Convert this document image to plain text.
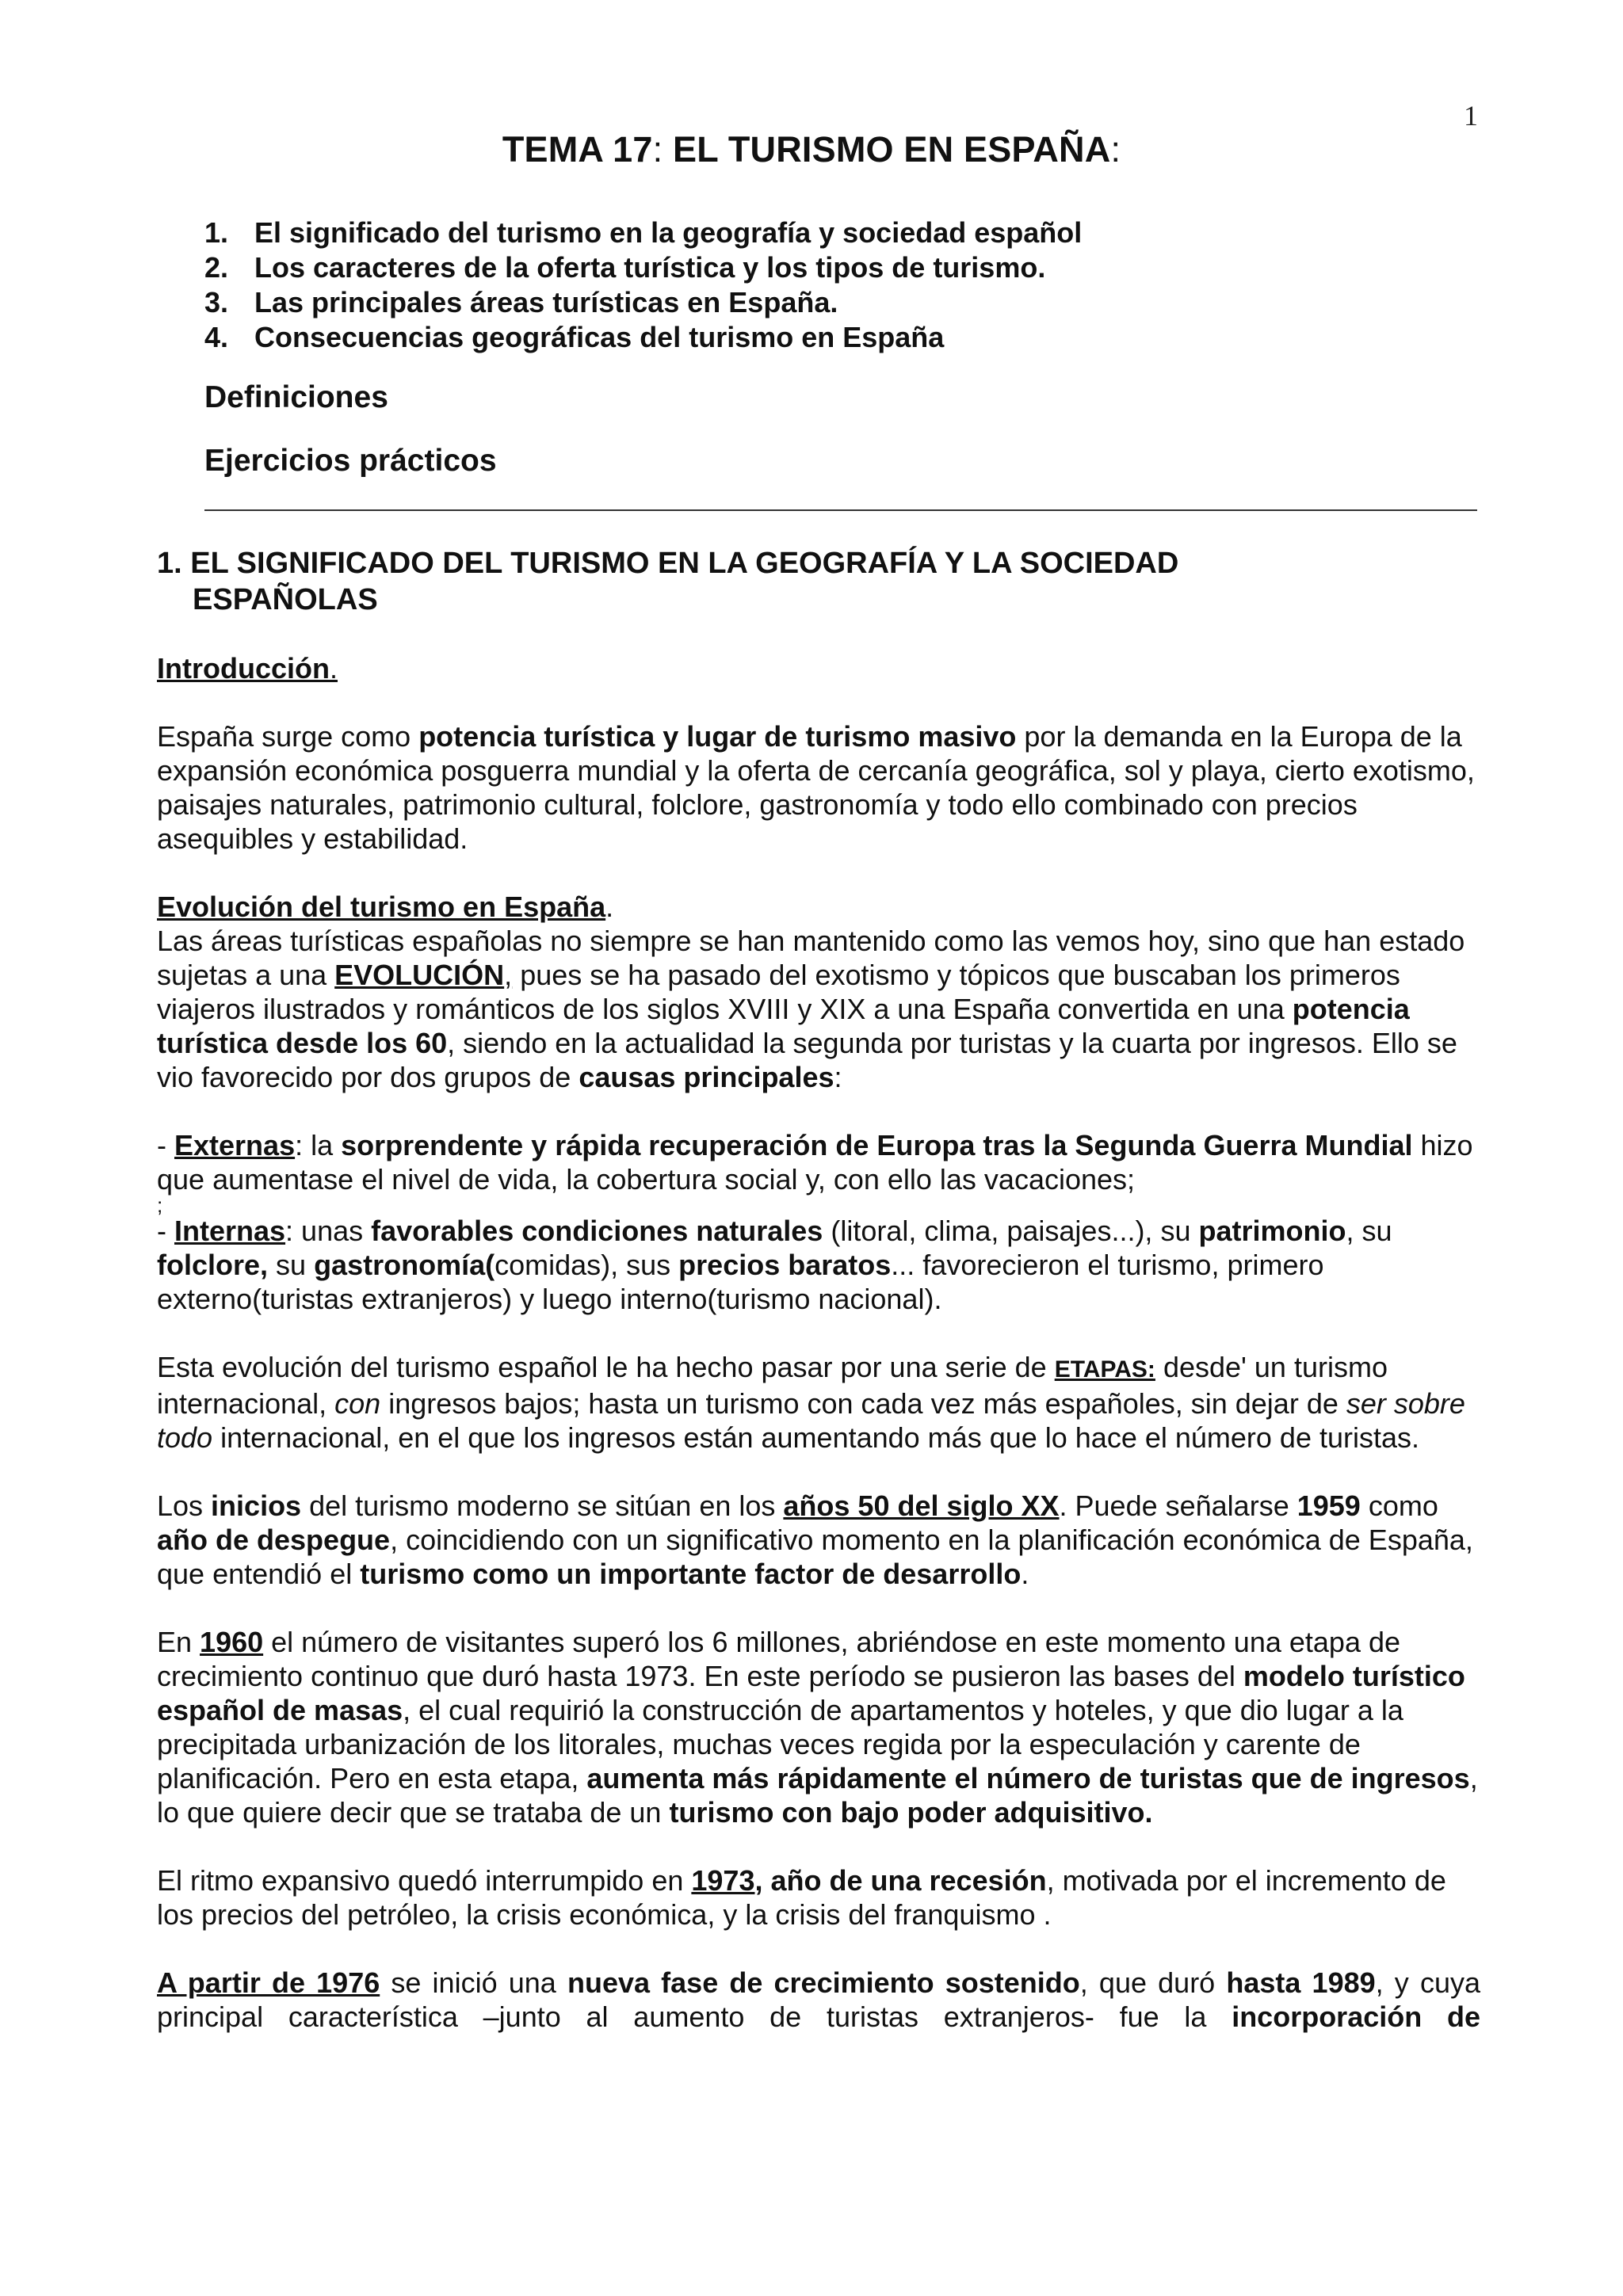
1
TEMA 17: EL TURISMO EN ESPAÑA:
1. El significado del turismo en la geografía y sociedad español
2. Los caracteres de la oferta turística y los tipos de turismo.
3. Las principales áreas turísticas en España.
4. Consecuencias geográficas del turismo en España
Definiciones
Ejercicios prácticos
1. EL SIGNIFICADO DEL TURISMO EN LA GEOGRAFÍA Y LA SOCIEDAD
ESPAÑOLAS
Introducción.

España surge como potencia turística y lugar de turismo masivo por la demanda en la Europa de la expansión económica posguerra mundial y la oferta de cercanía geográfica, sol y playa, cierto exotismo, paisajes naturales, patrimonio cultural, folclore, gastronomía y todo ello combinado con precios asequibles y estabilidad.

Evolución del turismo en España.

Las áreas turísticas españolas no siempre se han mantenido como las vemos hoy, sino que han estado sujetas a una EVOLUCIÓN, pues se ha pasado del exotismo y tópicos que buscaban los primeros viajeros ilustrados y románticos de los siglos XVIII y XIX a una España convertida en una potencia turística desde los 60, siendo en la actualidad la segunda por turistas y la cuarta por ingresos. Ello se vio favorecido por dos grupos de causas principales:

- Externas: la sorprendente y rápida recuperación de Europa tras la Segunda Guerra Mundial hizo que aumentase el nivel de vida, la cobertura social y, con ello las vacaciones;

;

- Internas: unas favorables condiciones naturales (litoral, clima, paisajes...), su patrimonio, su folclore, su gastronomía(comidas), sus precios baratos... favorecieron el turismo, primero externo(turistas extranjeros) y luego interno(turismo nacional).

Esta evolución del turismo español le ha hecho pasar por una serie de ETAPAS: desde' un turismo internacional, con ingresos bajos; hasta un turismo con cada vez más españoles, sin dejar de ser sobre todo internacional, en el que los ingresos están aumentando más que lo hace el número de turistas.

Los inicios del turismo moderno se sitúan en los años 50 del siglo XX. Puede señalarse 1959 como año de despegue, coincidiendo con un significativo momento en la planificación económica de España, que entendió el turismo como un importante factor de desarrollo.

En 1960 el número de visitantes superó los 6 millones, abriéndose en este momento una etapa de crecimiento continuo que duró hasta 1973. En este período se pusieron las bases del modelo turístico español de masas, el cual requirió la construcción de apartamentos y hoteles, y que dio lugar a la precipitada urbanización de los litorales, muchas veces regida por la especulación y carente de planificación. Pero en esta etapa, aumenta más rápidamente el número de turistas que de ingresos, lo que quiere decir que se trataba de un turismo con bajo poder adquisitivo.

El ritmo expansivo quedó interrumpido en 1973, año de una recesión, motivada por el incremento de los precios del petróleo, la crisis económica, y la crisis del franquismo .

A partir de 1976 se inició una nueva fase de crecimiento sostenido, que duró hasta 1989, y cuya principal característica –junto al aumento de turistas extranjeros- fue la incorporación de
